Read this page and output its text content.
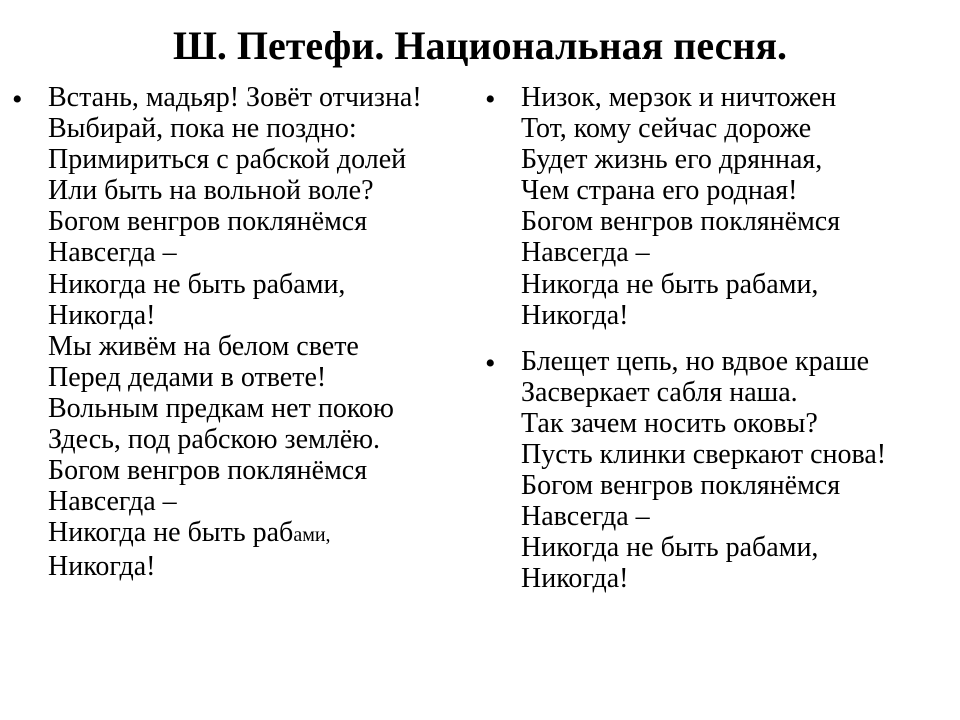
Ш. Петефи. Национальная песня.
• Встань, мадьяр! Зовёт отчизна!
Выбирай, пока не поздно:
Примириться с рабской долей
Или быть на вольной воле?
Богом венгров поклянёмся
Навсегда –
Никогда не быть рабами,
Никогда!
Мы живём на белом свете
Перед дедами в ответе!
Вольным предкам нет покою
Здесь, под рабскою землёю.
Богом венгров поклянёмся
Навсегда –
Никогда не быть рабами,
Никогда!
• Низок, мерзок и ничтожен
Тот, кому сейчас дороже
Будет жизнь его дрянная,
Чем страна его родная!
Богом венгров поклянёмся
Навсегда –
Никогда не быть рабами,
Никогда!
• Блещет цепь, но вдвое краше
Засверкает сабля наша.
Так зачем носить оковы?
Пусть клинки сверкают снова!
Богом венгров поклянёмся
Навсегда –
Никогда не быть рабами,
Никогда!
